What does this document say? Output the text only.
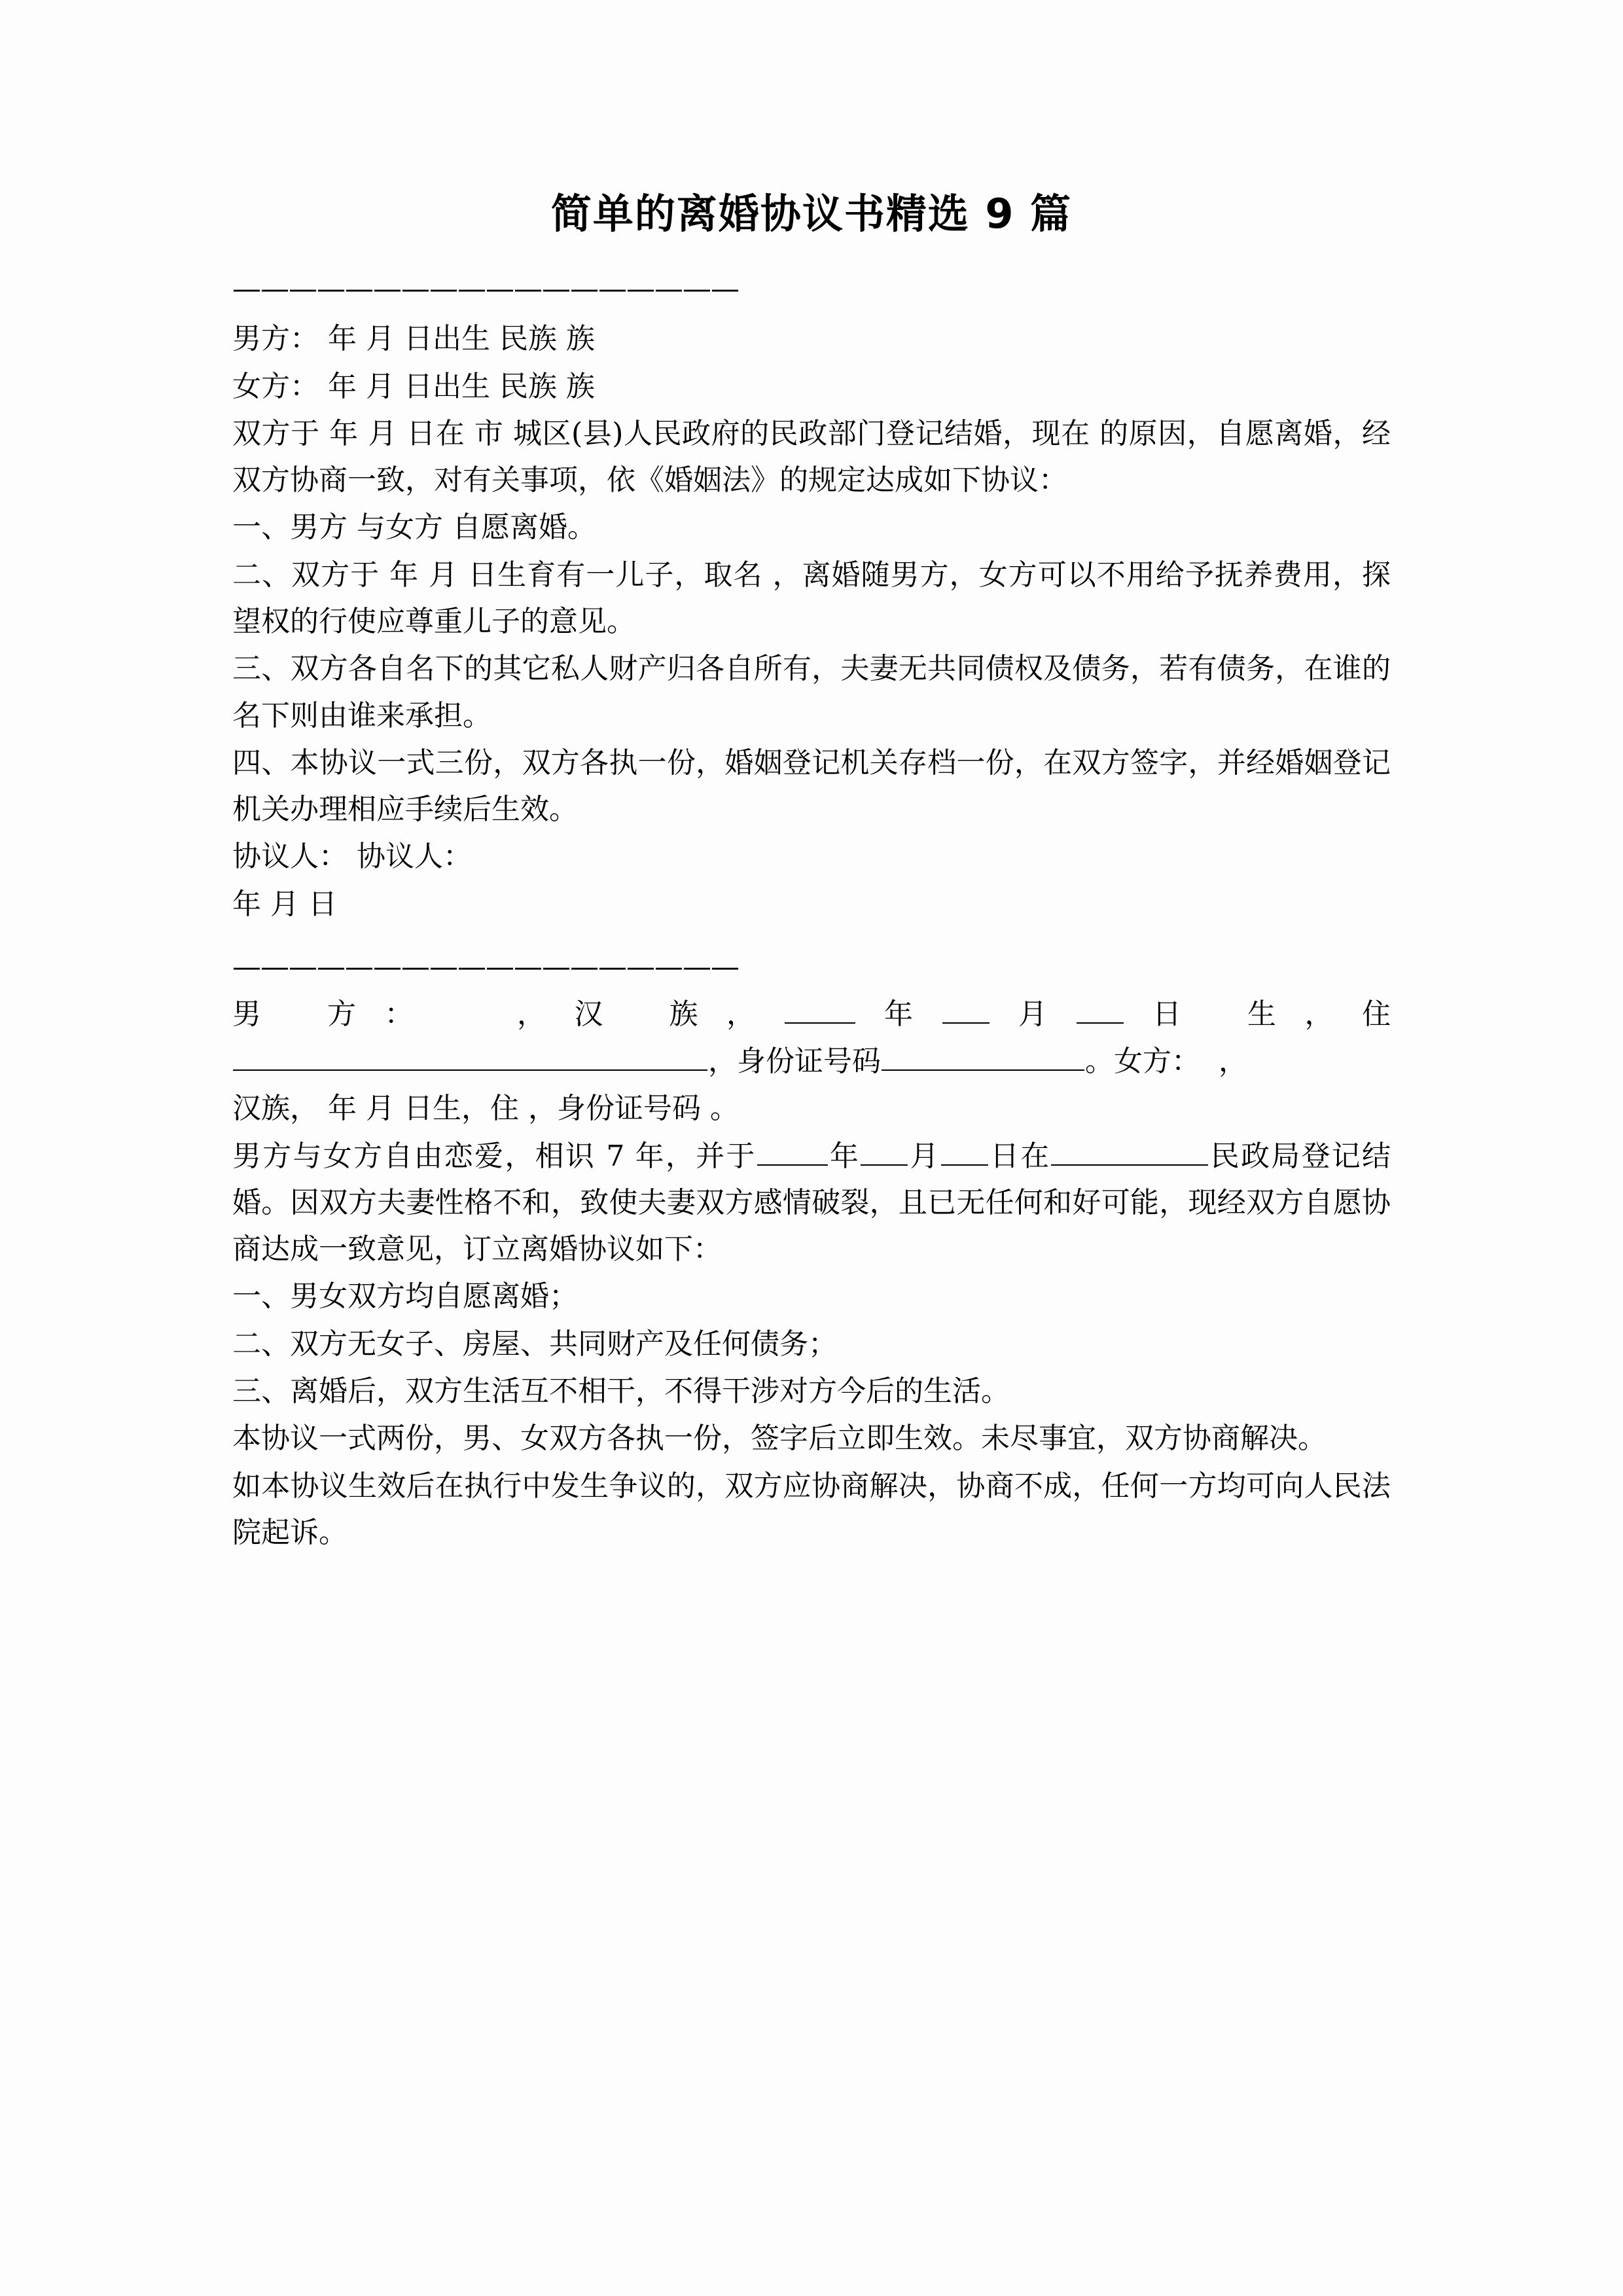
简单的离婚协议书精选 9 篇
——————————————————

男方： 年 月 日出生 民族 族

女方： 年 月 日出生 民族 族

双方于 年 月 日在 市 城区(县)人民政府的民政部门登记结婚，现在 的原因，自愿离婚，经双方协商一致，对有关事项，依《婚姻法》的规定达成如下协议：

一、男方 与女方 自愿离婚。

二、双方于 年 月 日生育有一儿子，取名 ，离婚随男方，女方可以不用给予抚养费用，探望权的行使应尊重儿子的意见。

三、双方各自名下的其它私人财产归各自所有，夫妻无共同债权及债务，若有债务，在谁的名下则由谁来承担。

四、本协议一式三份，双方各执一份，婚姻登记机关存档一份，在双方签字，并经婚姻登记机关办理相应手续后生效。

协议人： 协议人：

年 月 日

——————————————————

男 方：	，汉 族，	年 月 日 生，住

，身份证号码	。女方： ，

汉族， 年 月 日生，住 ，身份证号码 。

男方与女方自由恋爱，相识 7 年，并于	年 月 日在	民政局登记结婚。因双方夫妻性格不和，致使夫妻双方感情破裂，且已无任何和好可能，现经双方自愿协商达成一致意见，订立离婚协议如下：

一、男女双方均自愿离婚；

二、双方无女子、房屋、共同财产及任何债务；

三、离婚后，双方生活互不相干，不得干涉对方今后的生活。

本协议一式两份，男、女双方各执一份，签字后立即生效。未尽事宜，双方协商解决。

如本协议生效后在执行中发生争议的，双方应协商解决，协商不成，任何一方均可向人民法院起诉。
